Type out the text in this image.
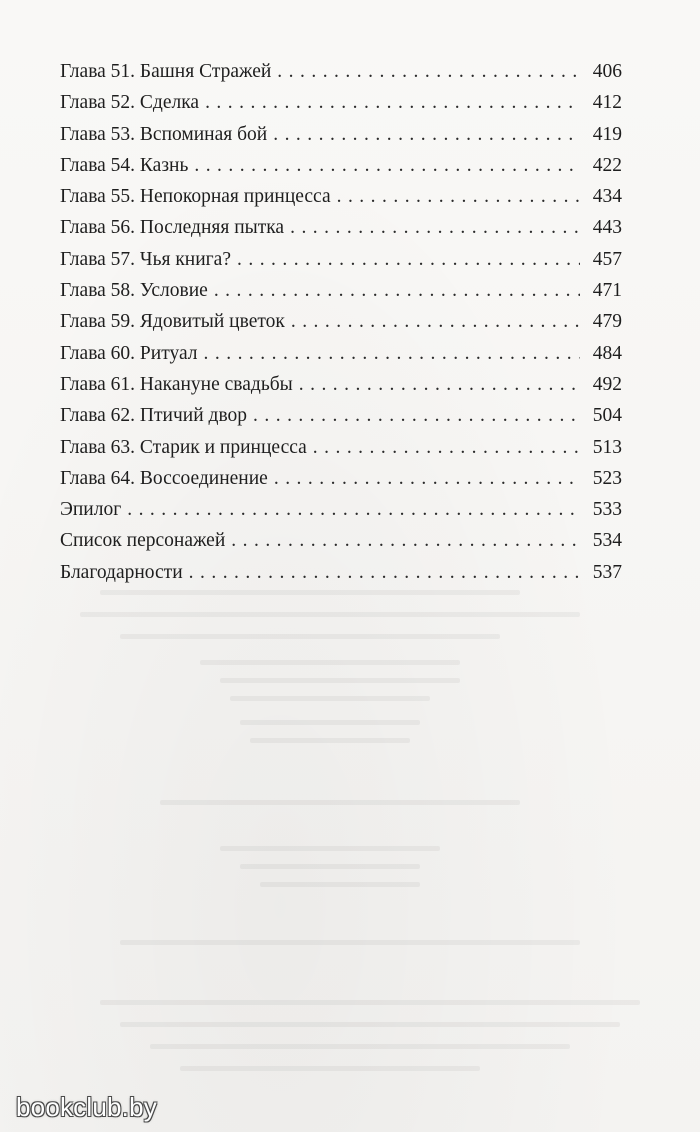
Глава 51. Башня Стражей . . .	406
Глава 52. Сделка . . .	412
Глава 53. Вспоминая бой . . .	419
Глава 54. Казнь . . .	422
Глава 55. Непокорная принцесса . . .	434
Глава 56. Последняя пытка . . .	443
Глава 57. Чья книга? . . .	457
Глава 58. Условие . . .	471
Глава 59. Ядовитый цветок . . .	479
Глава 60. Ритуал . . .	484
Глава 61. Накануне свадьбы . . .	492
Глава 62. Птичий двор . . .	504
Глава 63. Старик и принцесса . . .	513
Глава 64. Воссоединение . . .	523
Эпилог . . .	533
Список персонажей . . .	534
Благодарности . . .	537
bookclub.by
